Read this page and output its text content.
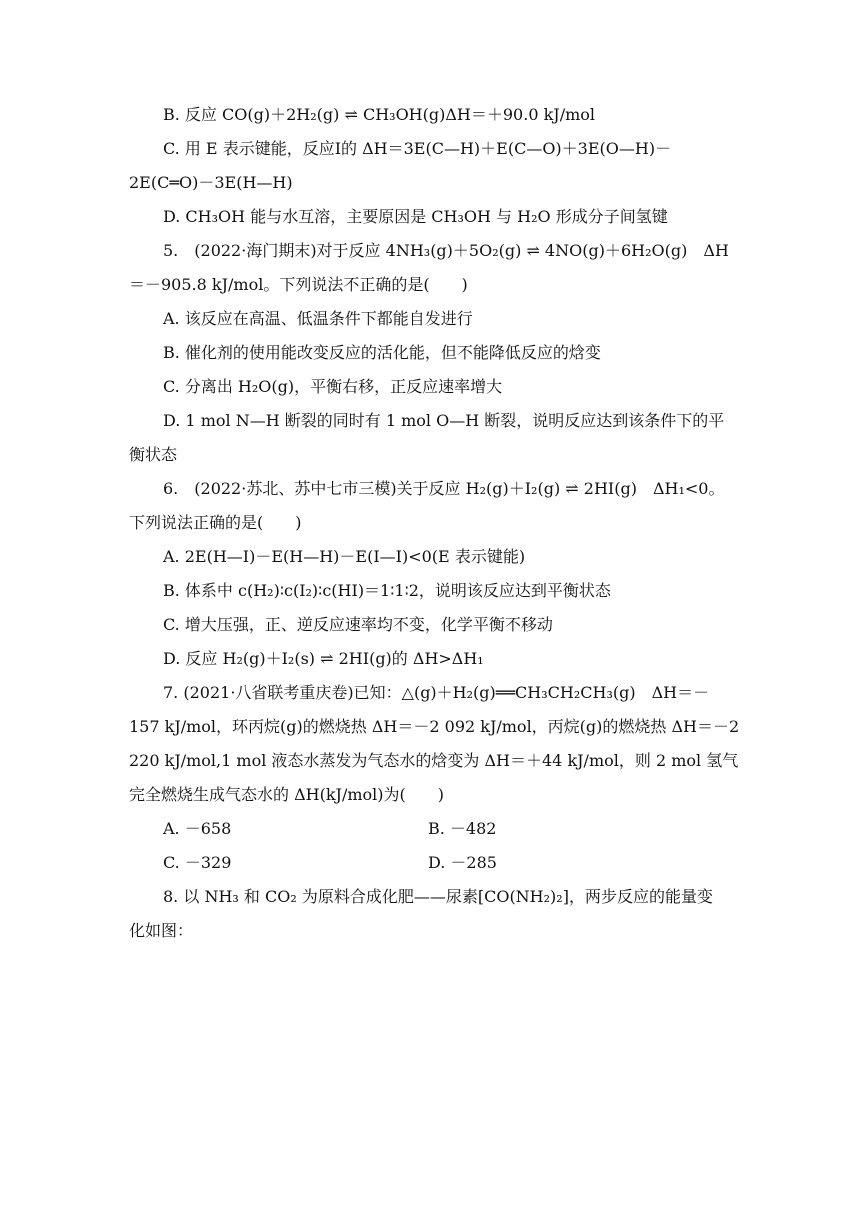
B. 反应 CO(g)＋2H₂(g) ⇌ CH₃OH(g)ΔH＝＋90.0 kJ/mol
C. 用 E 表示键能，反应Ⅰ的 ΔH＝3E(C—H)＋E(C—O)＋3E(O—H)－
2E(C═O)－3E(H—H)
D. CH₃OH 能与水互溶，主要原因是 CH₃OH 与 H₂O 形成分子间氢键
5.　(2022·海门期末)对于反应 4NH₃(g)＋5O₂(g) ⇌ 4NO(g)＋6H₂O(g)　ΔH
＝－905.8 kJ/mol。下列说法不正确的是(　　)
A. 该反应在高温、低温条件下都能自发进行
B. 催化剂的使用能改变反应的活化能，但不能降低反应的焓变
C. 分离出 H₂O(g)，平衡右移，正反应速率增大
D. 1 mol N—H 断裂的同时有 1 mol O—H 断裂，说明反应达到该条件下的平
衡状态
6.　(2022·苏北、苏中七市三模)关于反应 H₂(g)＋I₂(g) ⇌ 2HI(g)　ΔH₁<0。
下列说法正确的是(　　)
A. 2E(H—I)－E(H—H)－E(I—I)<0(E 表示键能)
B. 体系中 c(H₂)∶c(I₂)∶c(HI)＝1∶1∶2，说明该反应达到平衡状态
C. 增大压强，正、逆反应速率均不变，化学平衡不移动
D. 反应 H₂(g)＋I₂(s) ⇌ 2HI(g)的 ΔH>ΔH₁
7. (2021·八省联考重庆卷)已知：△(g)＋H₂(g)══CH₃CH₂CH₃(g)　ΔH＝－
157 kJ/mol，环丙烷(g)的燃烧热 ΔH＝－2 092 kJ/mol，丙烷(g)的燃烧热 ΔH＝－2
220 kJ/mol,1 mol 液态水蒸发为气态水的焓变为 ΔH＝＋44 kJ/mol，则 2 mol 氢气
完全燃烧生成气态水的 ΔH(kJ/mol)为(　　)
A. －658	B. －482
C. －329	D. －285
8. 以 NH₃ 和 CO₂ 为原料合成化肥——尿素[CO(NH₂)₂]，两步反应的能量变
化如图：
